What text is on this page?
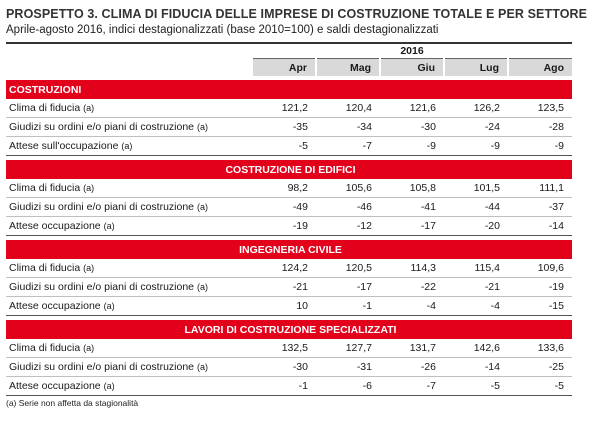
PROSPETTO 3. CLIMA DI FIDUCIA DELLE IMPRESE DI COSTRUZIONE TOTALE E PER SETTORE
Aprile-agosto 2016, indici destagionalizzati (base 2010=100) e saldi destagionalizzati
	2016				
	Apr	Mag	Giu	Lug	Ago

COSTRUZIONI					
Clima di fiducia (a)	121,2	120,4	121,6	126,2	123,5
Giudizi su ordini e/o piani di costruzione (a)	-35	-34	-30	-24	-28
Attese sull'occupazione (a)	-5	-7	-9	-9	-9

COSTRUZIONE DI EDIFICI					
Clima di fiducia (a)	98,2	105,6	105,8	101,5	111,1
Giudizi su ordini e/o piani di costruzione (a)	-49	-46	-41	-44	-37
Attese occupazione (a)	-19	-12	-17	-20	-14

INGEGNERIA CIVILE					
Clima di fiducia (a)	124,2	120,5	114,3	115,4	109,6
Giudizi su ordini e/o piani di costruzione (a)	-21	-17	-22	-21	-19
Attese occupazione (a)	10	-1	-4	-4	-15

LAVORI DI COSTRUZIONE SPECIALIZZATI					
Clima di fiducia (a)	132,5	127,7	131,7	142,6	133,6
Giudizi su ordini e/o piani di costruzione (a)	-30	-31	-26	-14	-25
Attese occupazione (a)	-1	-6	-7	-5	-5
(a) Serie non affetta da stagionalità
